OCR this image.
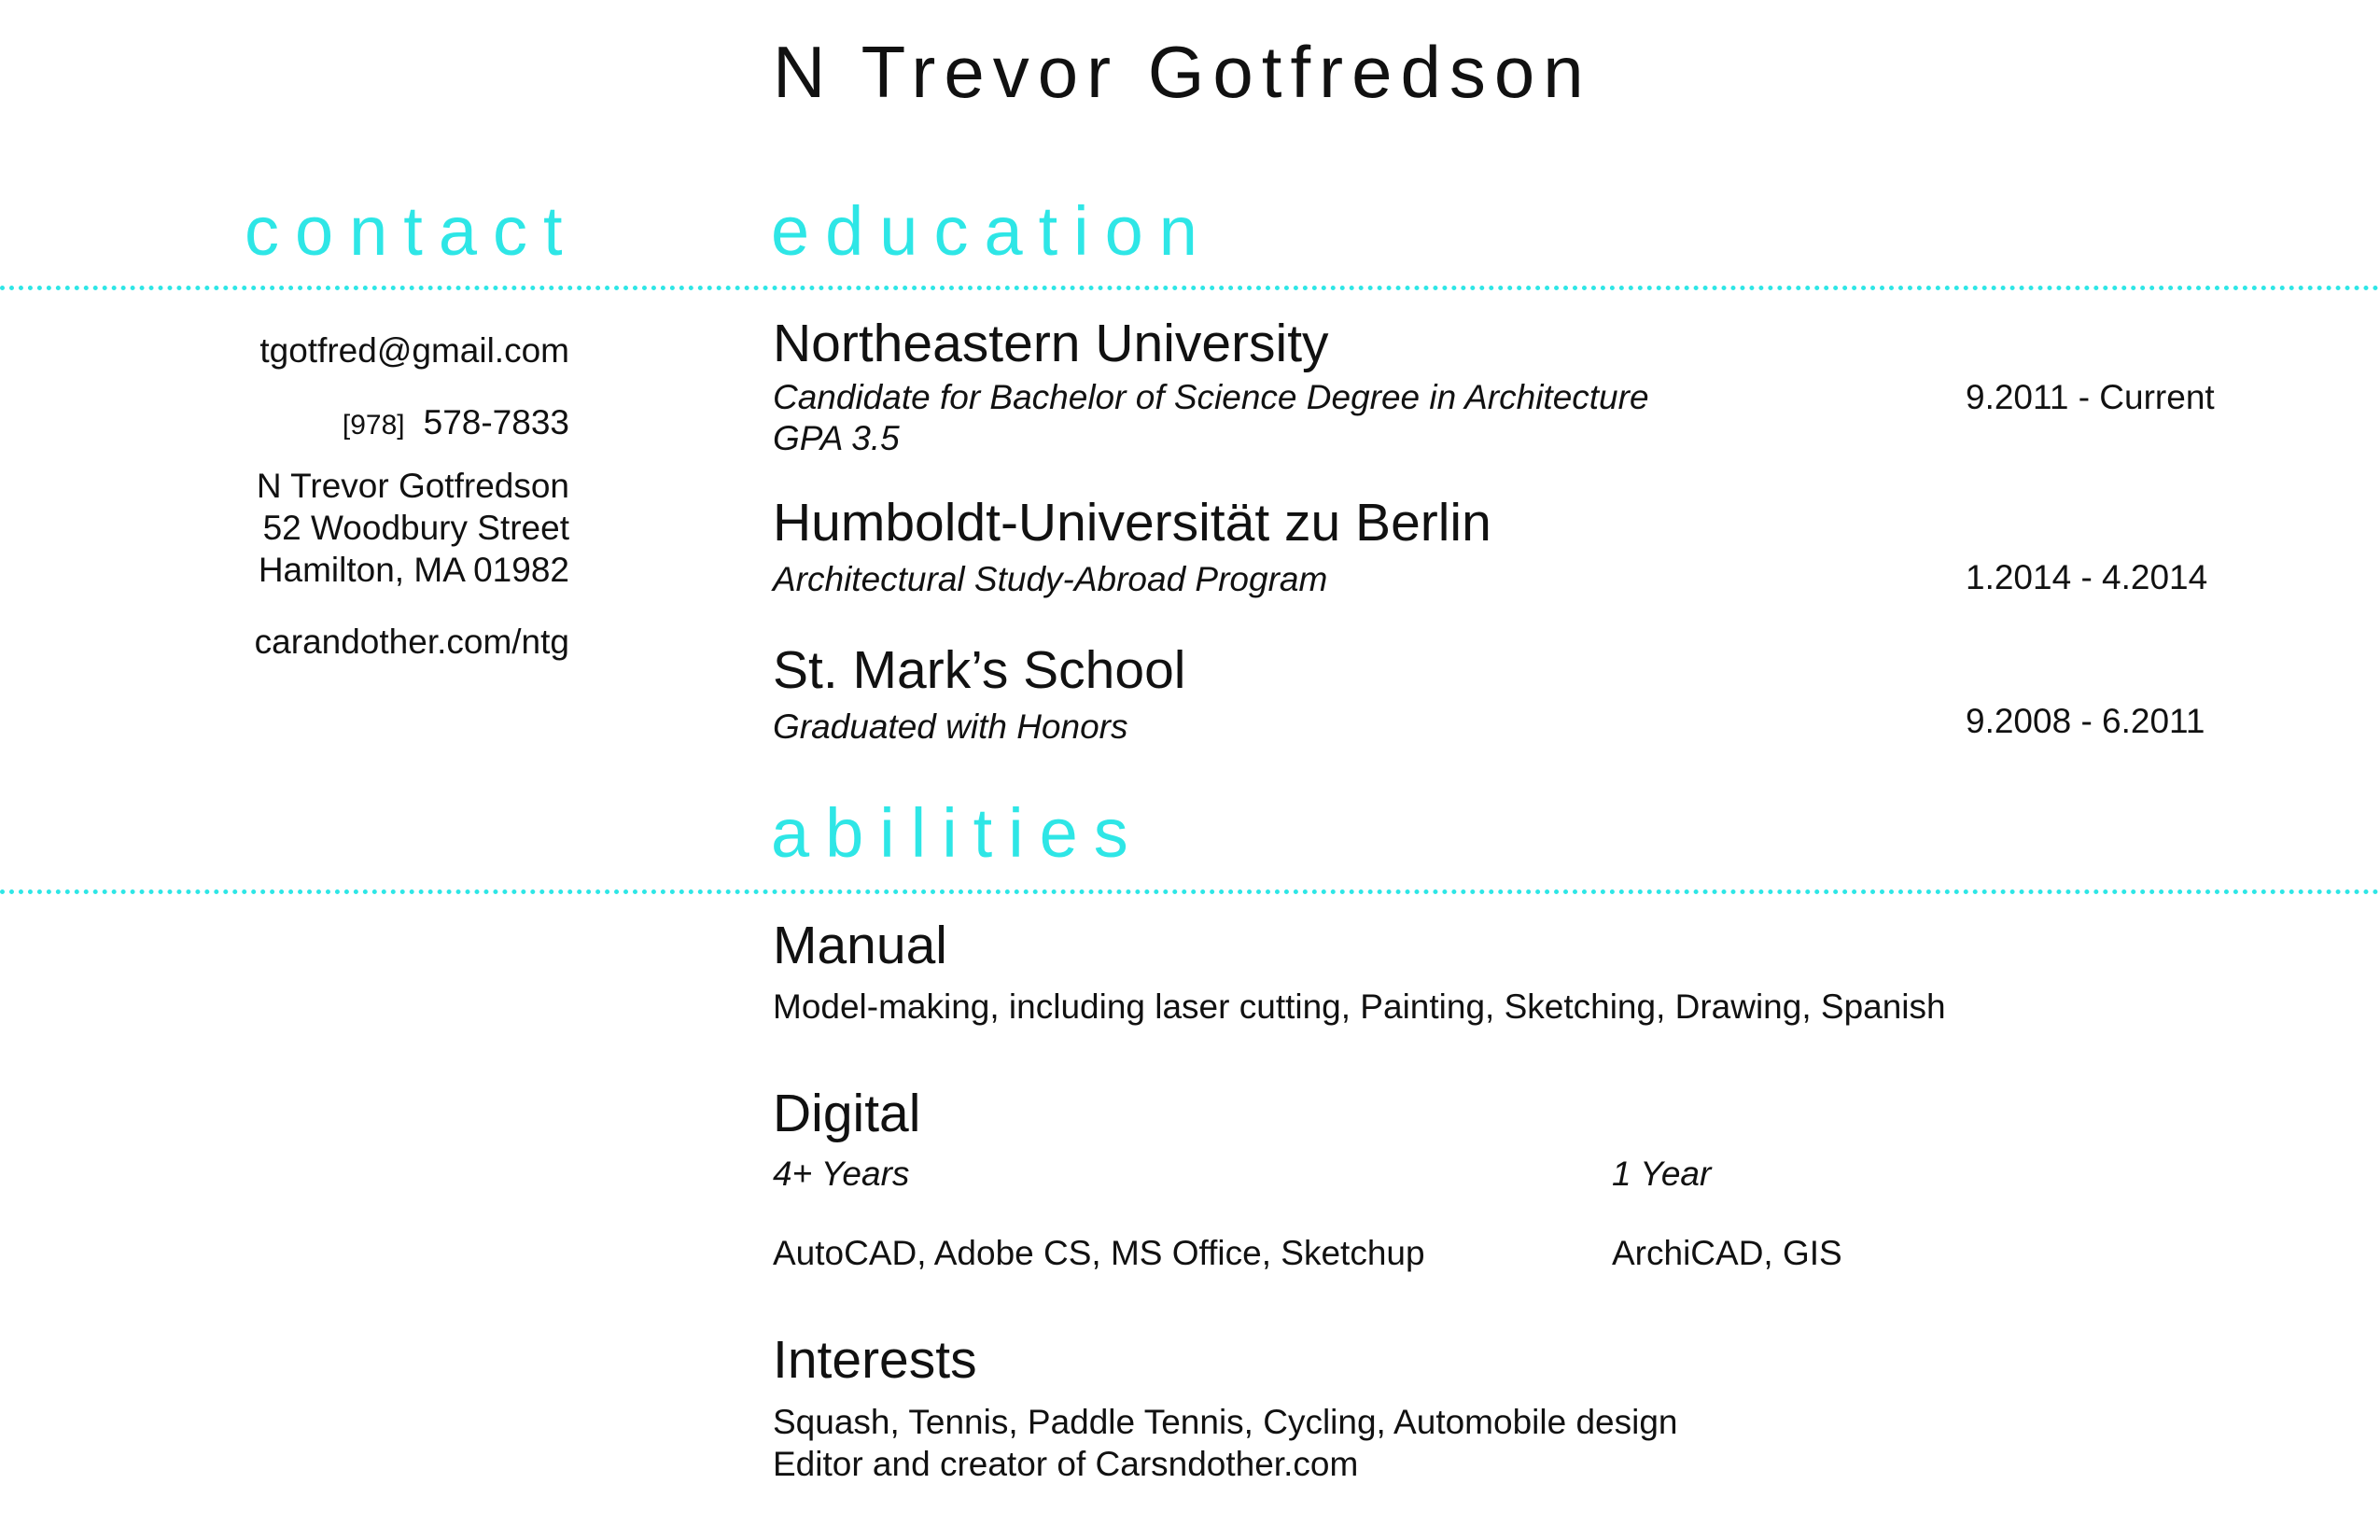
N Trevor Gotfredson
contact	education
tgotfred@gmail.com
[978] 578-7833
N Trevor Gotfredson
52 Woodbury Street
Hamilton, MA 01982
carandother.com/ntg
Northeastern University
Candidate for Bachelor of Science Degree in Architecture
GPA 3.5
9.2011 - Current
Humboldt-Universität zu Berlin
Architectural Study-Abroad Program	1.2014 - 4.2014
St. Mark’s School
Graduated with Honors	9.2008 - 6.2011
abilities
Manual
Model-making, including laser cutting, Painting, Sketching, Drawing, Spanish
Digital
4+ Years	1 Year
AutoCAD, Adobe CS, MS Office, Sketchup	ArchiCAD, GIS
Interests
Squash, Tennis, Paddle Tennis, Cycling, Automobile design
Editor and creator of Carsndother.com
